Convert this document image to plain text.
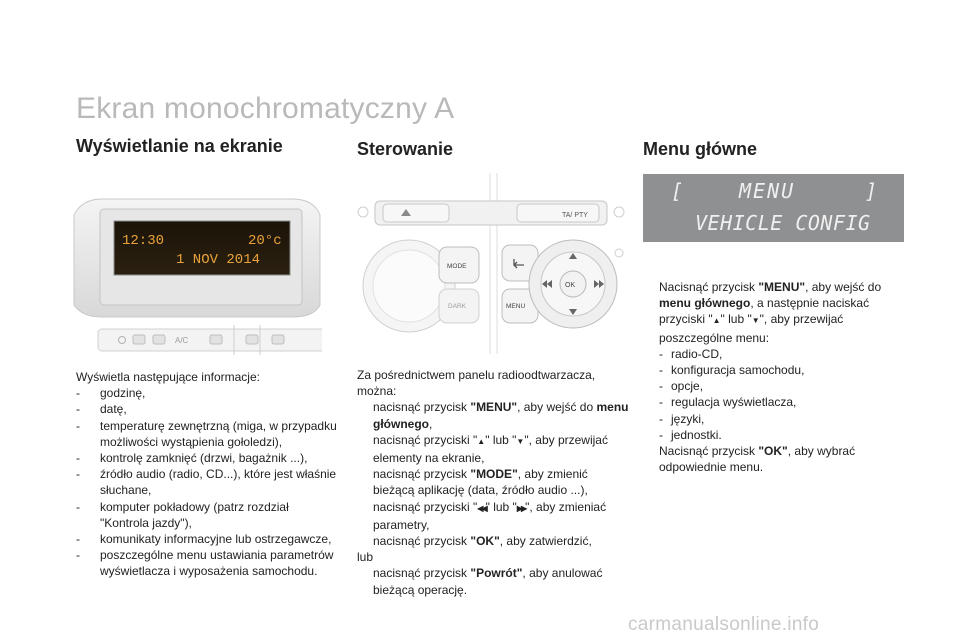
Ekran monochromatyczny A
Wyświetlanie na ekranie
12:30	20°c
1 NOV 2014
A/C
Wyświetla następujące informacje:
-	godzinę,
-	datę,
-	temperaturę zewnętrzną (miga, w przypadku możliwości wystąpienia gołoledzi),
-	kontrolę zamknięć (drzwi, bagażnik ...),
-	źródło audio (radio, CD...), które jest właśnie słuchane,
-	komputer pokładowy (patrz rozdział "Kontrola jazdy"),
-	komunikaty informacyjne lub ostrzegawcze,
-	poszczególne menu ustawiania parametrów wyświetlacza i wyposażenia samochodu.
Sterowanie
TA/ PTY
MODE
DARK	MENU
OK
Za pośrednictwem panelu radioodtwarzacza, można:
nacisnąć przycisk "MENU", aby wejść do menu głównego,
nacisnąć przyciski "▲" lub "▼", aby przewijać elementy na ekranie,
nacisnąć przycisk "MODE", aby zmienić bieżącą aplikację (data, źródło audio ...),
nacisnąć przyciski "◀◀" lub "▶▶", aby zmieniać parametry,
nacisnąć przycisk "OK", aby zatwierdzić,
lub
nacisnąć przycisk "Powrót", aby anulować bieżącą operację.
Menu główne
[	MENU	]
VEHICLE CONFIG
Nacisnąć przycisk "MENU", aby wejść do menu głównego, a następnie naciskać przyciski "▲" lub "▼", aby przewijać poszczególne menu:
- radio-CD,
- konfiguracja samochodu,
- opcje,
- regulacja wyświetlacza,
- języki,
- jednostki.
Nacisnąć przycisk "OK", aby wybrać odpowiednie menu.
carmanualsonline.info
